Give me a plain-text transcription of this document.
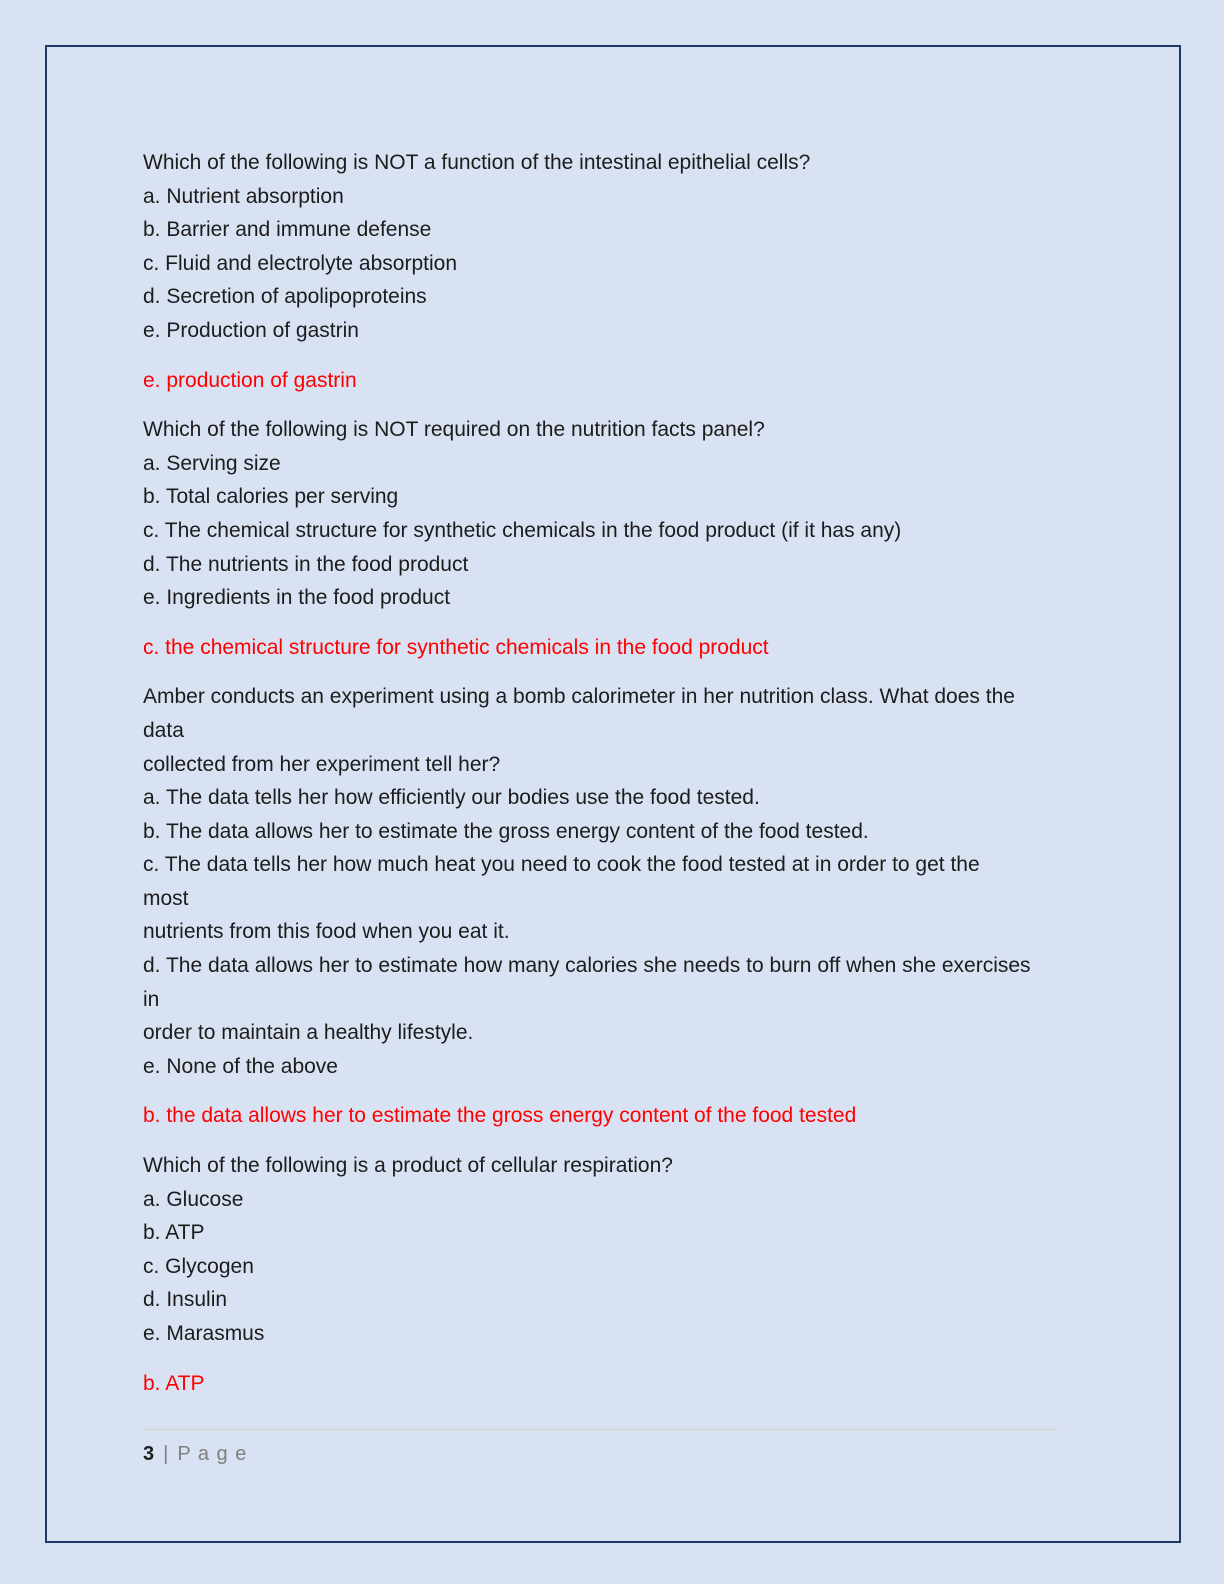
Which of the following is NOT a function of the intestinal epithelial cells?
a. Nutrient absorption
b. Barrier and immune defense
c. Fluid and electrolyte absorption
d. Secretion of apolipoproteins
e. Production of gastrin
e. production of gastrin
Which of the following is NOT required on the nutrition facts panel?
a. Serving size
b. Total calories per serving
c. The chemical structure for synthetic chemicals in the food product (if it has any)
d. The nutrients in the food product
e. Ingredients in the food product
c. the chemical structure for synthetic chemicals in the food product
Amber conducts an experiment using a bomb calorimeter in her nutrition class. What does the
data
collected from her experiment tell her?
a. The data tells her how efficiently our bodies use the food tested.
b. The data allows her to estimate the gross energy content of the food tested.
c. The data tells her how much heat you need to cook the food tested at in order to get the
most
nutrients from this food when you eat it.
d. The data allows her to estimate how many calories she needs to burn off when she exercises
in
order to maintain a healthy lifestyle.
e. None of the above
b. the data allows her to estimate the gross energy content of the food tested
Which of the following is a product of cellular respiration?
a. Glucose
b. ATP
c. Glycogen
d. Insulin
e. Marasmus
b. ATP
3 | P a g e
